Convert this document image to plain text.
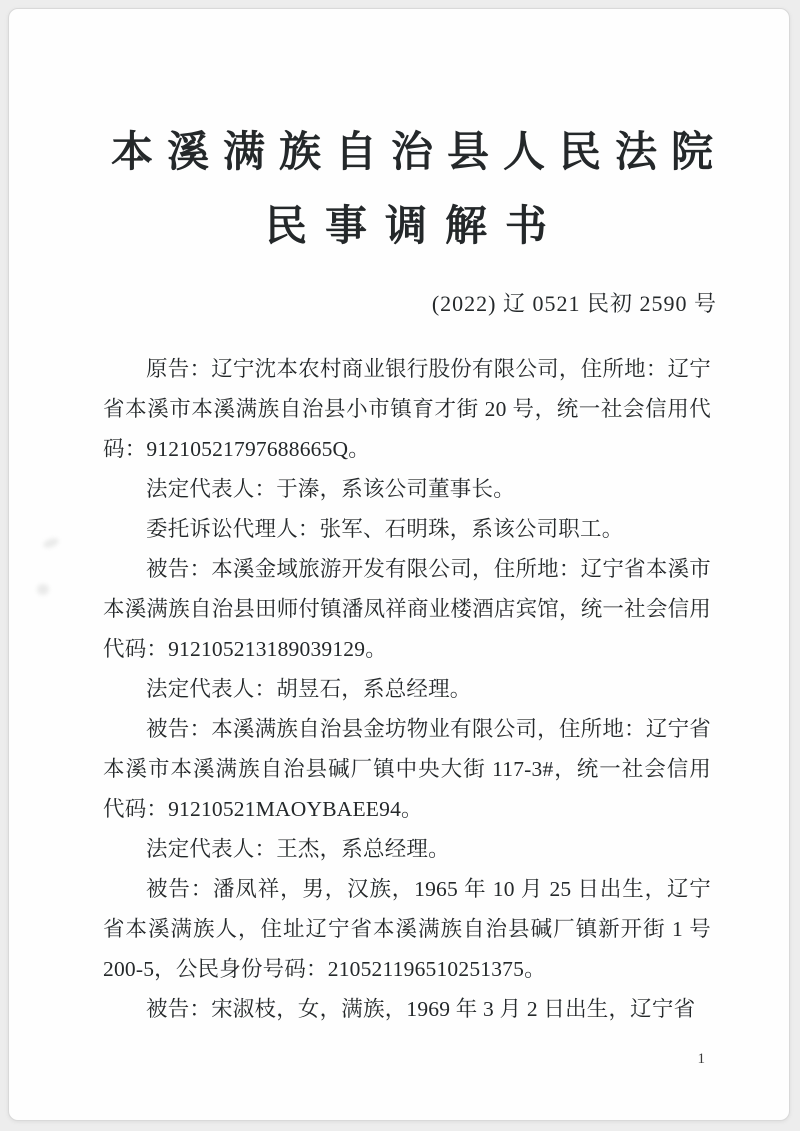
本溪满族自治县人民法院
民事调解书
(2022) 辽 0521 民初 2590 号

原告：辽宁沈本农村商业银行股份有限公司，住所地：辽宁省本溪市本溪满族自治县小市镇育才街 20 号，统一社会信用代码：91210521797688665Q。

法定代表人：于溱，系该公司董事长。

委托诉讼代理人：张军、石明珠，系该公司职工。

被告：本溪金域旅游开发有限公司，住所地：辽宁省本溪市本溪满族自治县田师付镇潘凤祥商业楼酒店宾馆，统一社会信用代码：912105213189039129。

法定代表人：胡昱石，系总经理。

被告：本溪满族自治县金坊物业有限公司，住所地：辽宁省本溪市本溪满族自治县碱厂镇中央大街 117-3#，统一社会信用代码：91210521MAOYBAEE94。

法定代表人：王杰，系总经理。

被告：潘凤祥，男，汉族，1965 年 10 月 25 日出生，辽宁省本溪满族人，住址辽宁省本溪满族自治县碱厂镇新开街 1 号 200-5，公民身份号码：210521196510251375。

被告：宋淑枝，女，满族，1969 年 3 月 2 日出生，辽宁省

1
